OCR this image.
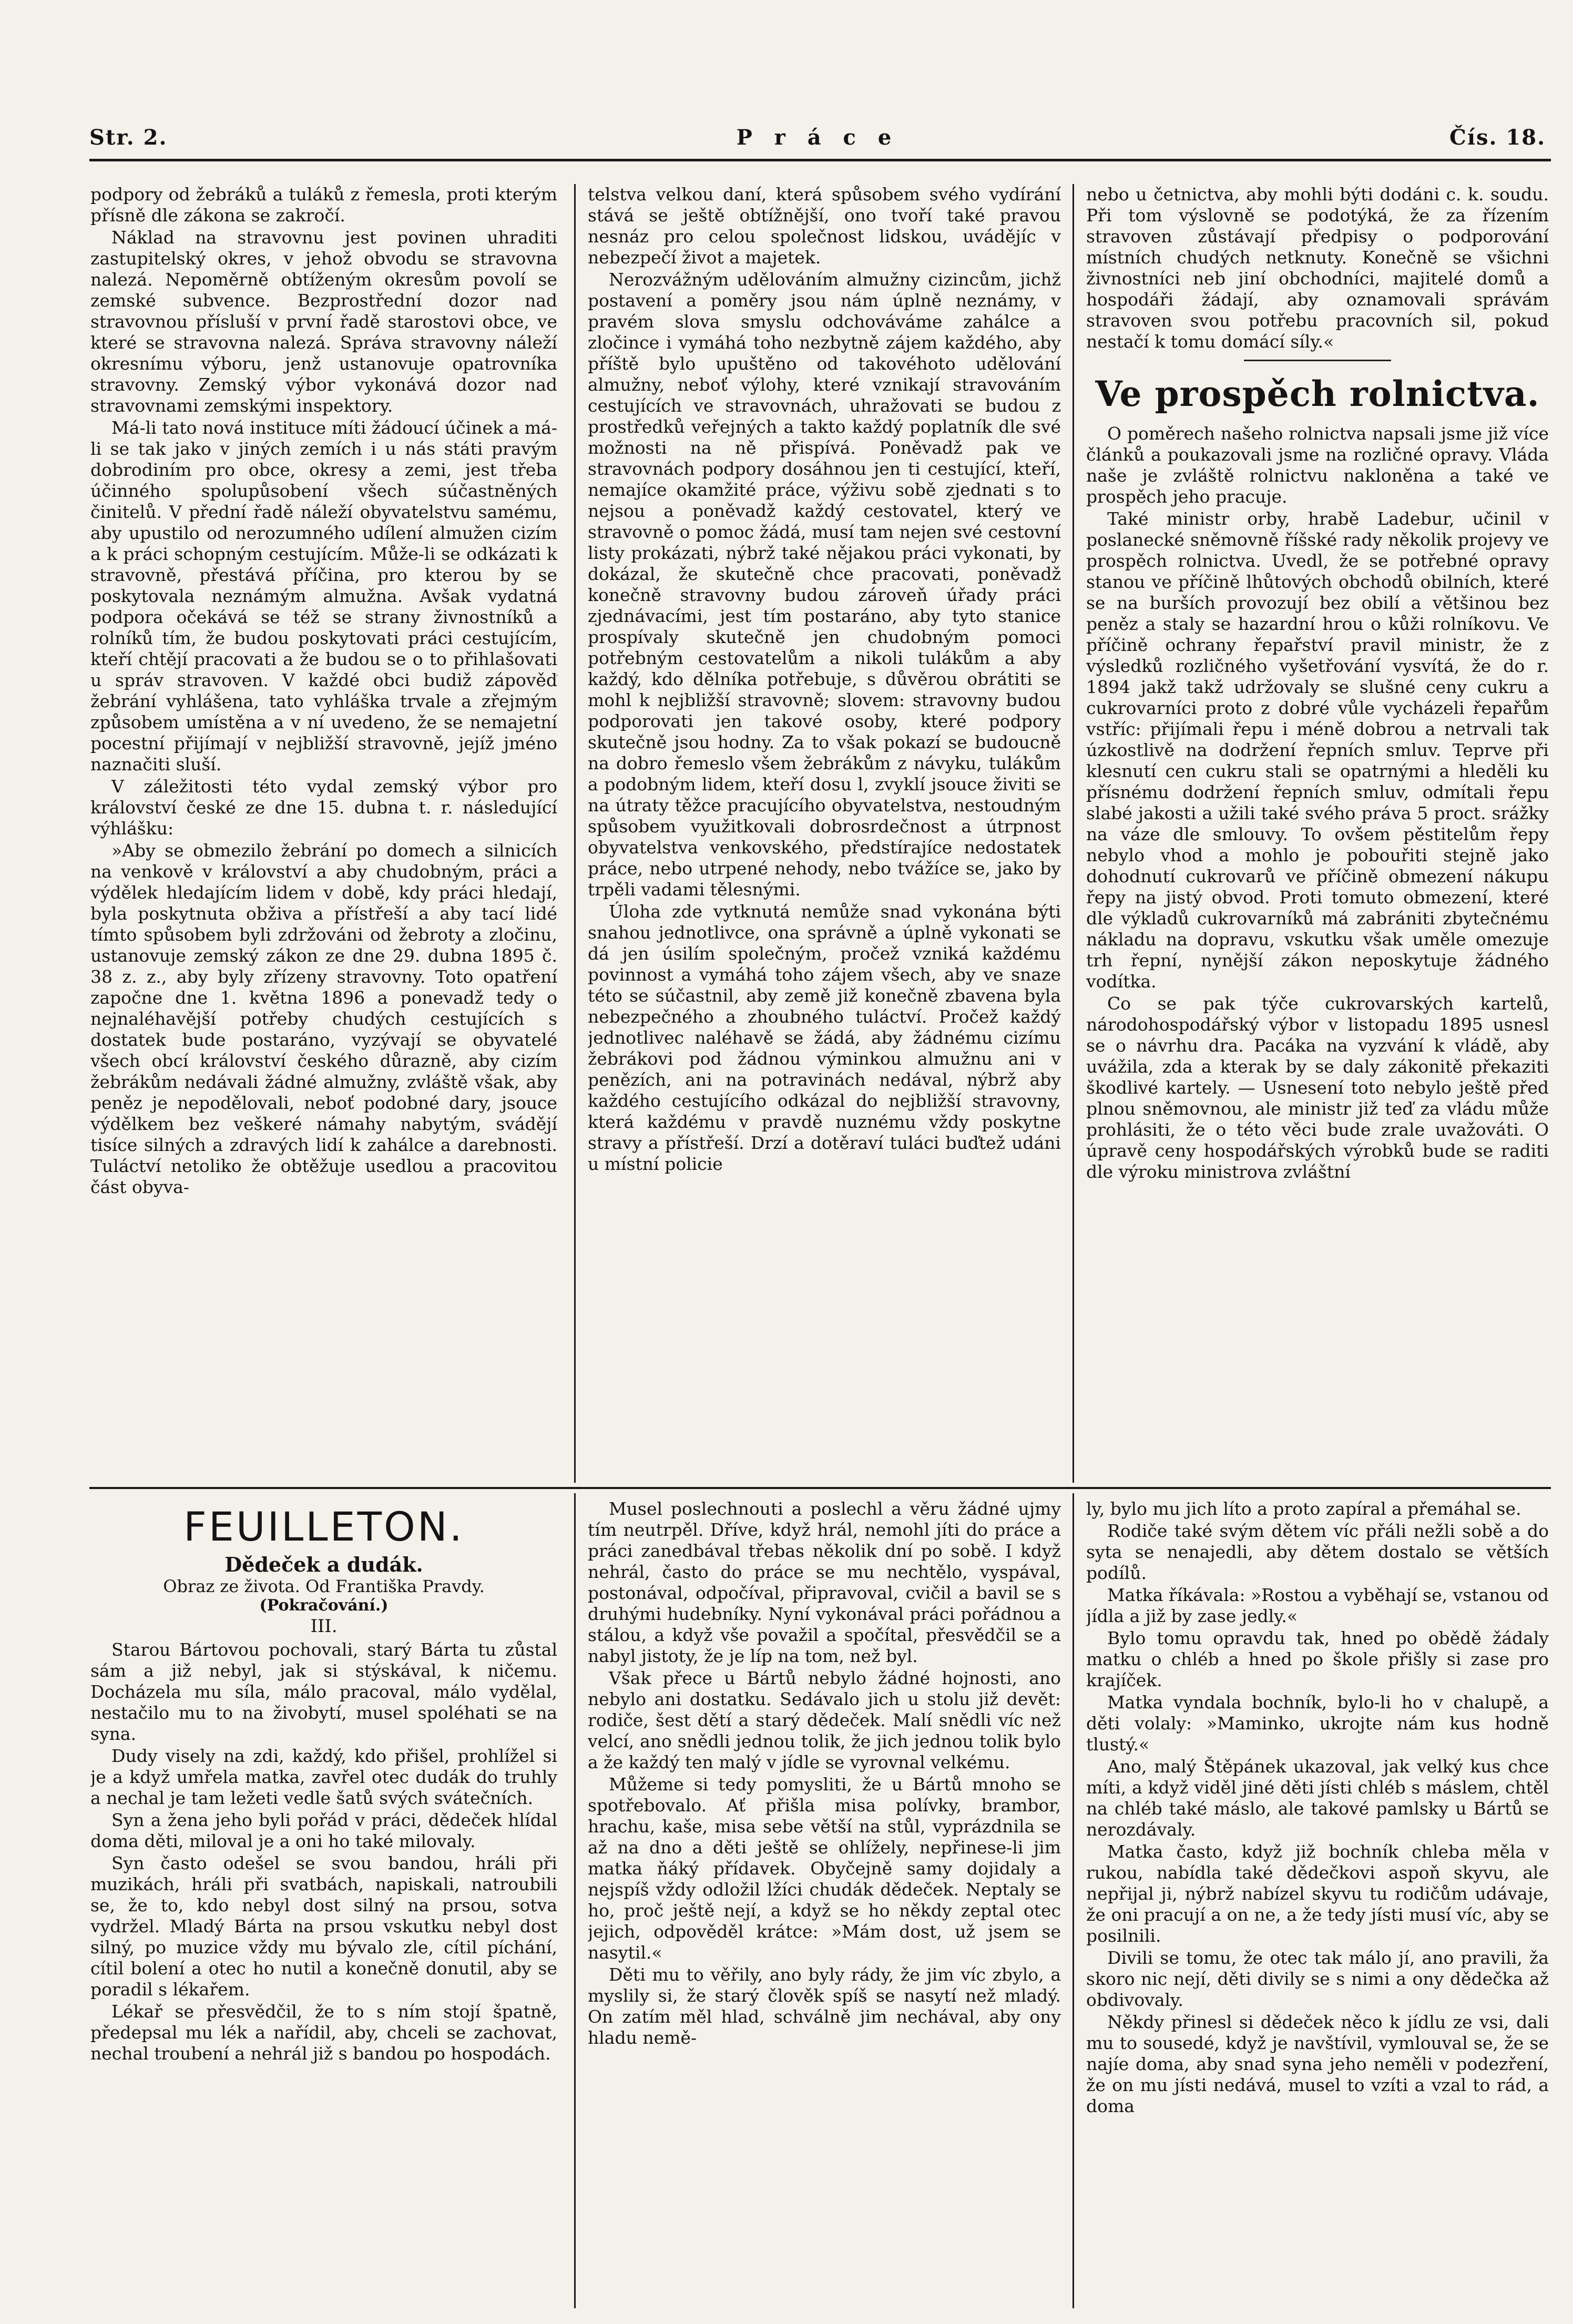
Str. 2.	P r á c e	Čís. 18.

podpory od žebráků a tuláků z řemesla, proti kterým přísně dle zákona se zakročí.

Náklad na stravovnu jest povinen uhraditi zastupitelský okres, v jehož obvodu se stravovna nalezá. Nepoměrně obtíženým okresům povolí se zemské subvence. Bezprostřední dozor nad stravovnou přísluší v první řadě starostovi obce, ve které se stravovna nalezá. Správa stravovny náleží okresnímu výboru, jenž ustanovuje opatrovníka stravovny. Zemský výbor vykonává dozor nad stravovnami zemskými inspektory.

Má-li tato nová instituce míti žádoucí účinek a má-li se tak jako v jiných zemích i u nás státi pravým dobrodiním pro obce, okresy a zemi, jest třeba účinného spolupůsobení všech súčastněných činitelů. V přední řadě náleží obyvatelstvu samému, aby upustilo od nerozumného udílení almužen cizím a k práci schopným cestujícím. Může-li se odkázati k stravovně, přestává příčina, pro kterou by se poskytovala neznámým almužna. Avšak vydatná podpora očekává se též se strany živnostníků a rolníků tím, že budou poskytovati práci cestujícím, kteří chtějí pracovati a že budou se o to přihlašovati u správ stravoven. V každé obci budiž zápověď žebrání vyhlášena, tato vyhláška trvale a zřejmým způsobem umístěna a v ní uvedeno, že se nemajetní pocestní přijímají v nejbližší stravovně, jejíž jméno naznačiti sluší.

V záležitosti této vydal zemský výbor pro království české ze dne 15. dubna t. r. následující výhlášku:

»Aby se obmezilo žebrání po domech a silnicích na venkově v království a aby chudobným, práci a výdělek hledajícím lidem v době, kdy práci hledají, byla poskytnuta obživa a přístřeší a aby tací lidé tímto spůsobem byli zdržováni od žebroty a zločinu, ustanovuje zemský zákon ze dne 29. dubna 1895 č. 38 z. z., aby byly zřízeny stravovny. Toto opatření započne dne 1. května 1896 a ponevadž tedy o nejnaléhavější potřeby chudých cestujících s dostatek bude postaráno, vyzývají se obyvatelé všech obcí království českého důrazně, aby cizím žebrákům nedávali žádné almužny, zvláště však, aby peněz je nepodělovali, neboť podobné dary, jsouce výdělkem bez veškeré námahy nabytým, svádějí tisíce silných a zdravých lidí k zahálce a darebnosti. Tuláctví netoliko že obtěžuje usedlou a pracovitou část obyva-

telstva velkou daní, která spůsobem svého vydírání stává se ještě obtížnější, ono tvoří také pravou nesnáz pro celou společnost lidskou, uvádějíc v nebezpečí život a majetek.

Nerozvážným udělováním almužny cizincům, jichž postavení a poměry jsou nám úplně neznámy, v pravém slova smyslu odchováváme zahálce a zločince i vymáhá toho nezbytně zájem každého, aby příště bylo upuštěno od takovéhoto udělování almužny, neboť výlohy, které vznikají stravováním cestujících ve stravovnách, uhražovati se budou z prostředků veřejných a takto každý poplatník dle své možnosti na ně přispívá. Poněvadž pak ve stravovnách podpory dosáhnou jen ti cestující, kteří, nemajíce okamžité práce, výživu sobě zjednati s to nejsou a poněvadž každý cestovatel, který ve stravovně o pomoc žádá, musí tam nejen své cestovní listy prokázati, nýbrž také nějakou práci vykonati, by dokázal, že skutečně chce pracovati, poněvadž konečně stravovny budou zároveň úřady práci zjednávacími, jest tím postaráno, aby tyto stanice prospívaly skutečně jen chudobným pomoci potřebným cestovatelům a nikoli tulákům a aby každý, kdo dělníka potřebuje, s důvěrou obrátiti se mohl k nejbližší stravovně; slovem: stravovny budou podporovati jen takové osoby, které podpory skutečně jsou hodny. Za to však pokazí se budoucně na dobro řemeslo všem žebrákům z návyku, tulákům a podobným lidem, kteří dosu l, zvyklí jsouce živiti se na útraty těžce pracujícího obyvatelstva, nestoudným spůsobem využitkovali dobrosrdečnost a útrpnost obyvatelstva venkovského, předstírajíce nedostatek práce, nebo utrpené nehody, nebo tvážíce se, jako by trpěli vadami tělesnými.

Úloha zde vytknutá nemůže snad vykonána býti snahou jednotlivce, ona správně a úplně vykonati se dá jen úsilím společným, pročež vzniká každému povinnost a vymáhá toho zájem všech, aby ve snaze této se súčastnil, aby země již konečně zbavena byla nebezpečného a zhoubného tuláctví. Pročež každý jednotlivec naléhavě se žádá, aby žádnému cizímu žebrákovi pod žádnou výminkou almužnu ani v penězích, ani na potravinách nedával, nýbrž aby každého cestujícího odkázal do nejbližší stravovny, která každému v pravdě nuznému vždy poskytne stravy a přístřeší. Drzí a dotěraví tuláci buďtež udáni u místní policie

nebo u četnictva, aby mohli býti dodáni c. k. soudu. Při tom výslovně se podotýká, že za řízením stravoven zůstávají předpisy o podporování místních chudých netknuty. Konečně se všichni živnostníci neb jiní obchodníci, majitelé domů a hospodáři žádají, aby oznamovali správám stravoven svou potřebu pracovních sil, pokud nestačí k tomu domácí síly.«

Ve prospěch rolnictva.

O poměrech našeho rolnictva napsali jsme již více článků a poukazovali jsme na rozličné opravy. Vláda naše je zvláště rolnictvu nakloněna a také ve prospěch jeho pracuje.

Také ministr orby, hrabě Ladebur, učinil v poslanecké sněmovně říšské rady několik projevy ve prospěch rolnictva. Uvedl, že se potřebné opravy stanou ve příčině lhůtových obchodů obilních, které se na burších provozují bez obilí a většinou bez peněz a staly se hazardní hrou o kůži rolníkovu. Ve příčině ochrany řepařství pravil ministr, že z výsledků rozličného vyšetřování vysvítá, že do r. 1894 jakž takž udržovaly se slušné ceny cukru a cukrovarníci proto z dobré vůle vycházeli řepařům vstříc: přijímali řepu i méně dobrou a netrvali tak úzkostlivě na dodržení řepních smluv. Teprve při klesnutí cen cukru stali se opatrnými a hleděli ku přísnému dodržení řepních smluv, odmítali řepu slabé jakosti a užili také svého práva 5 proct. srážky na váze dle smlouvy. To ovšem pěstitelům řepy nebylo vhod a mohlo je pobouřiti stejně jako dohodnutí cukrovarů ve příčině obmezení nákupu řepy na jistý obvod. Proti tomuto obmezení, které dle výkladů cukrovarníků má zabrániti zbytečnému nákladu na dopravu, vskutku však uměle omezuje trh řepní, nynější zákon neposkytuje žádného vodítka.

Co se pak týče cukrovarských kartelů, národohospodářský výbor v listopadu 1895 usnesl se o návrhu dra. Pacáka na vyzvání k vládě, aby uvážila, zda a kterak by se daly zákonitě překaziti škodlivé kartely. — Usnesení toto nebylo ještě před plnou sněmovnou, ale ministr již teď za vládu může prohlásiti, že o této věci bude zrale uvažováti. O úpravě ceny hospodářských výrobků bude se raditi dle výroku ministrova zvláštní

FEUILLETON.
Dědeček a dudák.
Obraz ze života. Od Františka Pravdy.
(Pokračování.)
III.

Starou Bártovou pochovali, starý Bárta tu zůstal sám a již nebyl, jak si stýskával, k ničemu. Docházela mu síla, málo pracoval, málo vydělal, nestačilo mu to na živobytí, musel spoléhati se na syna.

Dudy visely na zdi, každý, kdo přišel, prohlížel si je a když umřela matka, zavřel otec dudák do truhly a nechal je tam ležeti vedle šatů svých svátečních.

Syn a žena jeho byli pořád v práci, dědeček hlídal doma děti, miloval je a oni ho také milovaly.

Syn často odešel se svou bandou, hráli při muzikách, hráli při svatbách, napiskali, natroubili se, že to, kdo nebyl dost silný na prsou, sotva vydržel. Mladý Bárta na prsou vskutku nebyl dost silný, po muzice vždy mu bývalo zle, cítil píchání, cítil bolení a otec ho nutil a konečně donutil, aby se poradil s lékařem.

Lékař se přesvědčil, že to s ním stojí špatně, předepsal mu lék a nařídil, aby, chceli se zachovat, nechal troubení a nehrál již s bandou po hospodách.

Musel poslechnouti a poslechl a věru žádné ujmy tím neutrpěl. Dříve, když hrál, nemohl jíti do práce a práci zanedbával třebas několik dní po sobě. I když nehrál, často do práce se mu nechtělo, vyspával, postonával, odpočíval, připravoval, cvičil a bavil se s druhými hudebníky. Nyní vykonával práci pořádnou a stálou, a když vše považil a spočítal, přesvědčil se a nabyl jistoty, že je líp na tom, než byl.

Však přece u Bártů nebylo žádné hojnosti, ano nebylo ani dostatku. Sedávalo jich u stolu již devět: rodiče, šest dětí a starý dědeček. Malí snědli víc než velcí, ano snědli jednou tolik, že jich jednou tolik bylo a že každý ten malý v jídle se vyrovnal velkému.

Můžeme si tedy pomysliti, že u Bártů mnoho se spotřebovalo. Ať přišla misa polívky, brambor, hrachu, kaše, misa sebe větší na stůl, vyprázdnila se až na dno a děti ještě se ohlížely, nepřinese-li jim matka ňáký přídavek. Obyčejně samy dojidaly a nejspíš vždy odložil lžíci chudák dědeček. Neptaly se ho, proč ještě nejí, a když se ho někdy zeptal otec jejich, odpověděl krátce: »Mám dost, už jsem se nasytil.«

Děti mu to věřily, ano byly rády, že jim víc zbylo, a myslily si, že starý člověk spíš se nasytí než mladý. On zatím měl hlad, schválně jim nechával, aby ony hladu nemě-

ly, bylo mu jich líto a proto zapíral a přemáhal se.

Rodiče také svým dětem víc přáli nežli sobě a do syta se nenajedli, aby dětem dostalo se větších podílů.

Matka říkávala: »Rostou a vyběhají se, vstanou od jídla a již by zase jedly.«

Bylo tomu opravdu tak, hned po obědě žádaly matku o chléb a hned po škole přišly si zase pro krajíček.

Matka vyndala bochník, bylo-li ho v chalupě, a děti volaly: »Maminko, ukrojte nám kus hodně tlustý.«

Ano, malý Štěpánek ukazoval, jak velký kus chce míti, a když viděl jiné děti jísti chléb s máslem, chtěl na chléb také máslo, ale takové pamlsky u Bártů se nerozdávaly.

Matka často, když již bochník chleba měla v rukou, nabídla také dědečkovi aspoň skyvu, ale nepřijal ji, nýbrž nabízel skyvu tu rodičům udávaje, že oni pracují a on ne, a že tedy jísti musí víc, aby se posilnili.

Divili se tomu, že otec tak málo jí, ano pravili, ža skoro nic nejí, děti divily se s nimi a ony dědečka až obdivovaly.

Někdy přinesl si dědeček něco k jídlu ze vsi, dali mu to sousedé, když je navštívil, vymlouval se, že se najíe doma, aby snad syna jeho neměli v podezření, že on mu jísti nedává, musel to vzíti a vzal to rád, a doma
